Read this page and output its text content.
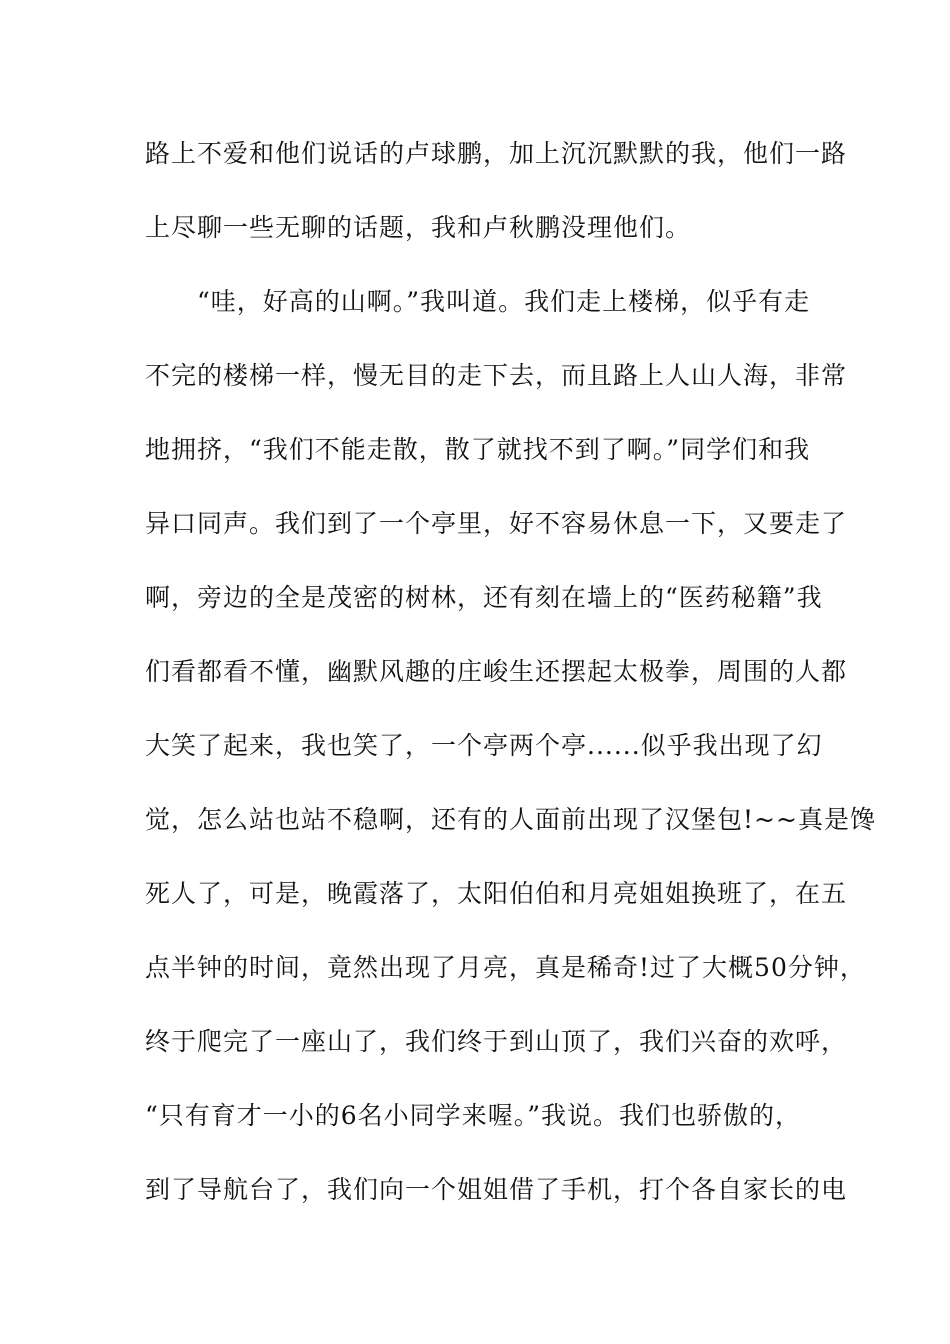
路上不爱和他们说话的卢球鹏，加上沉沉默默的我，他们一路
上尽聊一些无聊的话题，我和卢秋鹏没理他们。
　　“哇，好高的山啊。”我叫道。我们走上楼梯，似乎有走
不完的楼梯一样，慢无目的走下去，而且路上人山人海，非常
地拥挤，“我们不能走散，散了就找不到了啊。”同学们和我
异口同声。我们到了一个亭里，好不容易休息一下，又要走了
啊，旁边的全是茂密的树林，还有刻在墙上的“医药秘籍”我
们看都看不懂，幽默风趣的庄峻生还摆起太极拳，周围的人都
大笑了起来，我也笑了，一个亭两个亭......似乎我出现了幻
觉，怎么站也站不稳啊，还有的人面前出现了汉堡包!~~真是馋
死人了，可是，晚霞落了，太阳伯伯和月亮姐姐换班了，在五
点半钟的时间，竟然出现了月亮，真是稀奇!过了大概50分钟，
终于爬完了一座山了，我们终于到山顶了，我们兴奋的欢呼，
“只有育才一小的6名小同学来喔。”我说。我们也骄傲的，
到了导航台了，我们向一个姐姐借了手机，打个各自家长的电
